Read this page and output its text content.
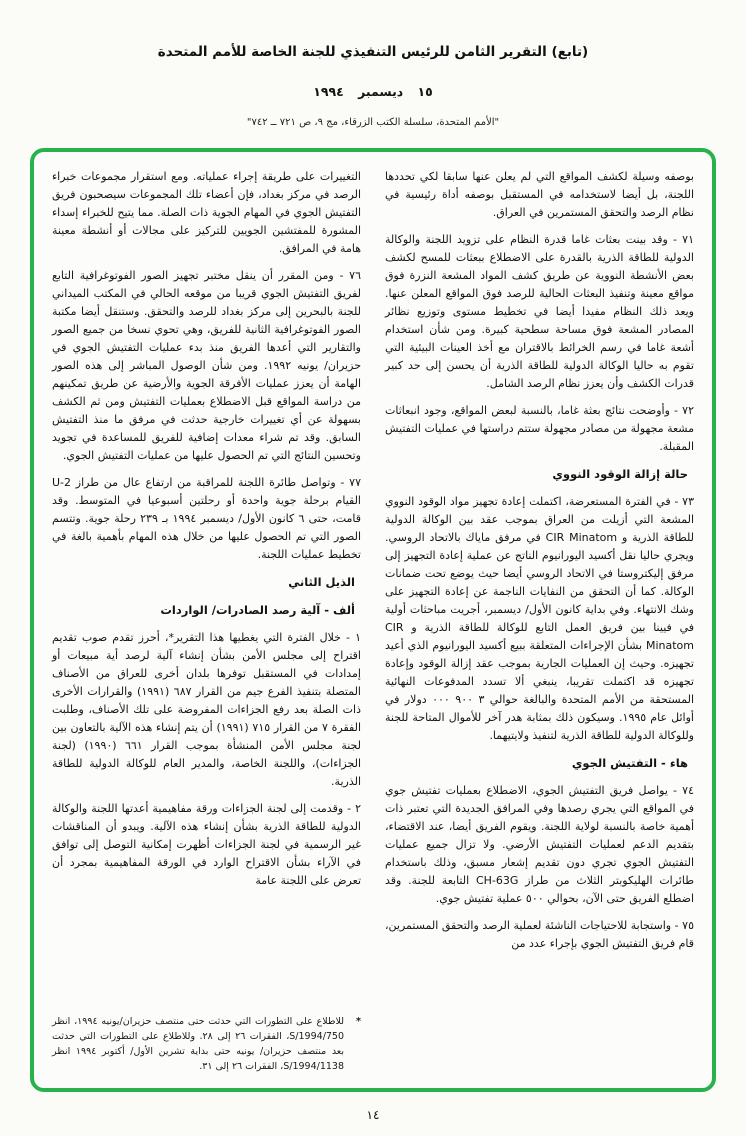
(تابع) التقرير الثامن للرئيس التنفيذي للجنة الخاصة للأمم المتحدة
١٥ ديسمبر ١٩٩٤
"الأمم المتحدة، سلسلة الكتب الزرقاء، مج ٩، ص ٧٢١ ــ ٧٤٢"
بوصفه وسيلة لكشف المواقع التي لم يعلن عنها سابقا لكي تحددها اللجنة، بل أيضا لاستخدامه في المستقبل بوصفه أداة رئيسية في نظام الرصد والتحقق المستمرين في العراق.
٧١ - وقد بينت بعثات غاما قدرة النظام على تزويد اللجنة والوكالة الدولية للطاقة الذرية بالقدرة على الاضطلاع ببعثات للمسح لكشف بعض الأنشطة النووية عن طريق كشف المواد المشعة النزرة فوق مواقع معينة وتنفيذ البعثات الحالية للرصد فوق المواقع المعلن عنها. ويعد ذلك النظام مفيدا أيضا في تخطيط مستوى وتوزيع نظائر المصادر المشعة فوق مساحة سطحية كبيرة. ومن شأن استخدام أشعة غاما في رسم الخرائط بالاقتران مع أخذ العينات البيئية التي تقوم به حاليا الوكالة الدولية للطاقة الذرية أن يحسن إلى حد كبير قدرات الكشف وأن يعزز نظام الرصد الشامل.
٧٢ - وأوضحت نتائج بعثة غاما، بالنسبة لبعض المواقع، وجود انبعاثات مشعة مجهولة من مصادر مجهولة ستتم دراستها في عمليات التفتيش المقبلة.
حالة إزالة الوقود النووي
٧٣ - في الفترة المستعرضة، اكتملت إعادة تجهيز مواد الوقود النووي المشعة التي أزيلت من العراق بموجب عقد بين الوكالة الدولية للطاقة الذرية و CIR Minatom في مرفق ماياك بالاتحاد الروسي. ويجري حاليا نقل أكسيد اليورانيوم الناتج عن عملية إعادة التجهيز إلى مرفق إليكتروستا في الاتحاد الروسي أيضا حيث يوضع تحت ضمانات الوكالة. كما أن التحقق من النفايات الناجمة عن إعادة التجهيز على وشك الانتهاء. وفي بداية كانون الأول/ ديسمبر، أجريت مباحثات أولية في فيينا بين فريق العمل التابع للوكالة للطاقة الذرية و CIR Minatom بشأن الإجراءات المتعلقة ببيع أكسيد اليورانيوم الذي أعيد تجهيزه. وحيث إن العمليات الجارية بموجب عقد إزالة الوقود وإعادة تجهيزه قد اكتملت تقريبا، ينبغي ألا تسدد المدفوعات النهائية المستحقة من الأمم المتحدة والبالغة حوالي ٣ ٩٠٠ ٠٠٠ دولار في أوائل عام ١٩٩٥. وسيكون ذلك بمثابة هدر آخر للأموال المتاحة للجنة وللوكالة الدولية للطاقة الذرية لتنفيذ ولايتيهما.
هاء - التفتيش الجوي
٧٤ - يواصل فريق التفتيش الجوي، الاضطلاع بعمليات تفتيش جوي في المواقع التي يجري رصدها وفي المرافق الجديدة التي تعتبر ذات أهمية خاصة بالنسبة لولاية اللجنة. ويقوم الفريق أيضا، عند الاقتضاء، بتقديم الدعم لعمليات التفتيش الأرضي. ولا تزال جميع عمليات التفتيش الجوي تجري دون تقديم إشعار مسبق، وذلك باستخدام طائرات الهليكوبتر الثلاث من طراز CH-63G التابعة للجنة. وقد اضطلع الفريق حتى الآن، بحوالي ٥٠٠ عملية تفتيش جوي.
٧٥ - واستجابة للاحتياجات الناشئة لعملية الرصد والتحقق المستمرين، قام فريق التفتيش الجوي بإجراء عدد من
التغييرات على طريقة إجراء عملياته. ومع استقرار مجموعات خبراء الرصد في مركز بغداد، فإن أعضاء تلك المجموعات سيصحبون فريق التفتيش الجوي في المهام الجوية ذات الصلة. مما يتيح للخبراء إسداء المشورة للمفتشين الجويين للتركيز على مجالات أو أنشطة معينة هامة في المرافق.
٧٦ - ومن المقرر أن ينقل مختبر تجهيز الصور الفوتوغرافية التابع لفريق التفتيش الجوي قريبا من موقعه الحالي في المكتب الميداني للجنة بالبحرين إلى مركز بغداد للرصد والتحقق. وستنقل أيضا مكتبة الصور الفوتوغرافية الثانية للفريق، وهي تحوي نسخا من جميع الصور والتقارير التي أعدها الفريق منذ بدء عمليات التفتيش الجوي في حزيران/ يونيه ١٩٩٢. ومن شأن الوصول المباشر إلى هذه الصور الهامة أن يعزز عمليات الأفرقة الجوية والأرضية عن طريق تمكينهم من دراسة المواقع قبل الاضطلاع بعمليات التفتيش ومن ثم الكشف بسهولة عن أي تغييرات خارجية حدثت في مرفق ما منذ التفتيش السابق. وقد تم شراء معدات إضافية للفريق للمساعدة في تجويد وتحسين النتائج التي تم الحصول عليها من عمليات التفتيش الجوي.
٧٧ - وتواصل طائرة اللجنة للمراقبة من ارتفاع عال من طراز U-2 القيام برحلة جوية واحدة أو رحلتين أسبوعيا في المتوسط. وقد قامت، حتى ٦ كانون الأول/ ديسمبر ١٩٩٤ بـ ٢٣٩ رحلة جوية. وتتسم الصور التي تم الحصول عليها من خلال هذه المهام بأهمية بالغة في تخطيط عمليات اللجنة.
الذيل الثاني
ألف - آلية رصد الصادرات/ الواردات
١ - خلال الفترة التي يغطيها هذا التقرير*، أحرز تقدم صوب تقديم اقتراح إلى مجلس الأمن بشأن إنشاء آلية لرصد أية مبيعات أو إمدادات في المستقبل توفرها بلدان أخرى للعراق من الأصناف المتصلة بتنفيذ الفرع جيم من القرار ٦٨٧ (١٩٩١) والقرارات الأخرى ذات الصلة بعد رفع الجزاءات المفروضة على تلك الأصناف، وطلبت الفقرة ٧ من القرار ٧١٥ (١٩٩١) أن يتم إنشاء هذه الآلية بالتعاون بين لجنة مجلس الأمن المنشأة بموجب القرار ٦٦١ (١٩٩٠) (لجنة الجزاءات)، واللجنة الخاصة، والمدير العام للوكالة الدولية للطاقة الذرية.
٢ - وقدمت إلى لجنة الجزاءات ورقة مفاهيمية أعدتها اللجنة والوكالة الدولية للطاقة الذرية بشأن إنشاء هذه الآلية. ويبدو أن المناقشات غير الرسمية في لجنة الجزاءات أظهرت إمكانية التوصل إلى توافق في الآراء بشأن الاقتراح الوارد في الورقة المفاهيمية بمجرد أن تعرض على اللجنة عامة
*
للاطلاع على التطورات التي حدثت حتى منتصف حزيران/يونيه ١٩٩٤، انظر S/1994/750، الفقرات ٢٦ إلى ٢٨. وللاطلاع على التطورات التي حدثت بعد منتصف حزيران/ يونيه حتى بداية تشرين الأول/ أكتوبر ١٩٩٤ انظر S/1994/1138، الفقرات ٢٦ إلى ٣١.
١٤
